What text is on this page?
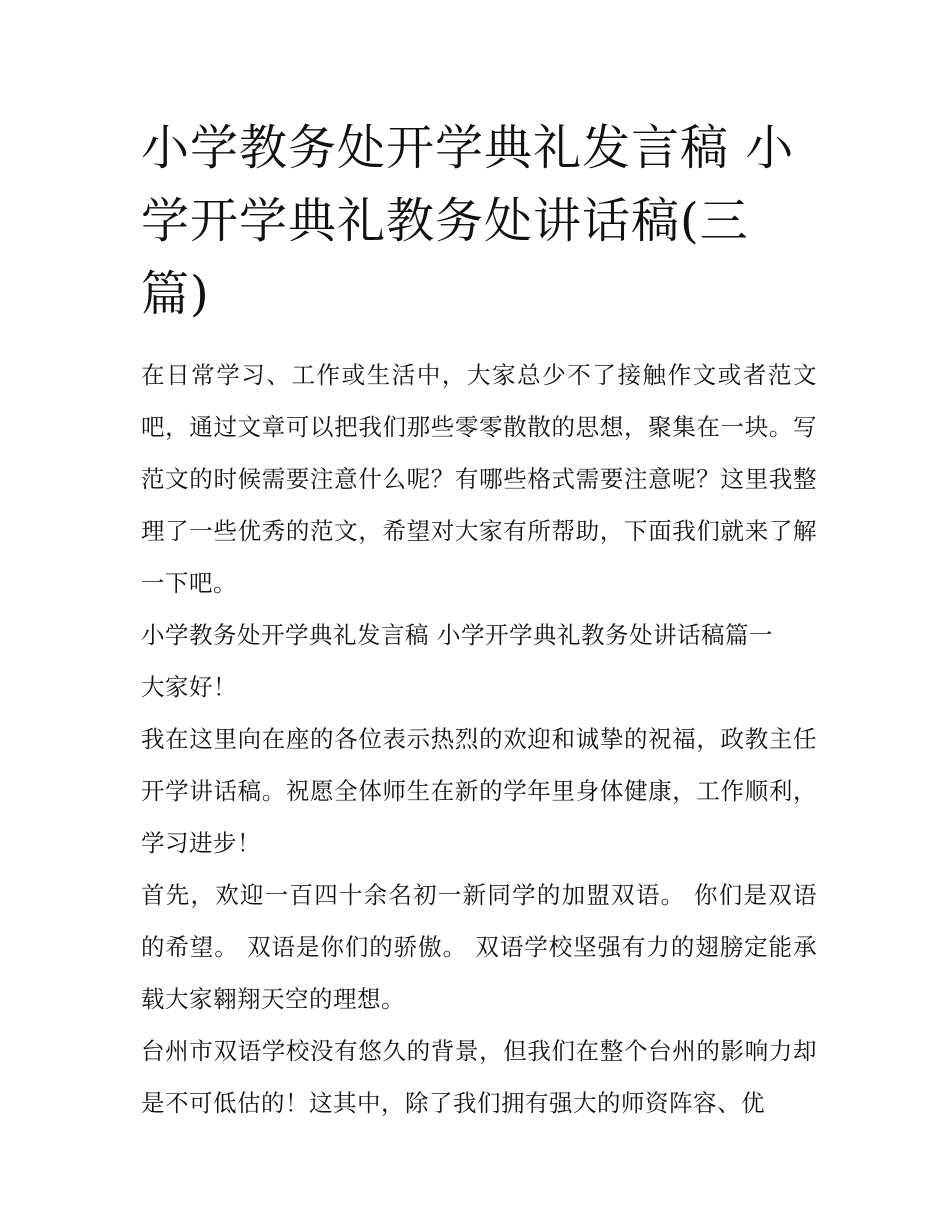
小学教务处开学典礼发言稿 小学开学典礼教务处讲话稿(三篇)

在日常学习、工作或生活中，大家总少不了接触作文或者范文吧，通过文章可以把我们那些零零散散的思想，聚集在一块。写范文的时候需要注意什么呢？有哪些格式需要注意呢？这里我整理了一些优秀的范文，希望对大家有所帮助，下面我们就来了解一下吧。

小学教务处开学典礼发言稿 小学开学典礼教务处讲话稿篇一

大家好！

我在这里向在座的各位表示热烈的欢迎和诚挚的祝福，政教主任开学讲话稿。祝愿全体师生在新的学年里身体健康，工作顺利，学习进步！

首先，欢迎一百四十余名初一新同学的加盟双语。 你们是双语的希望。 双语是你们的骄傲。 双语学校坚强有力的翅膀定能承载大家翱翔天空的理想。

台州市双语学校没有悠久的背景，但我们在整个台州的影响力却是不可低估的！这其中，除了我们拥有强大的师资阵容、优
